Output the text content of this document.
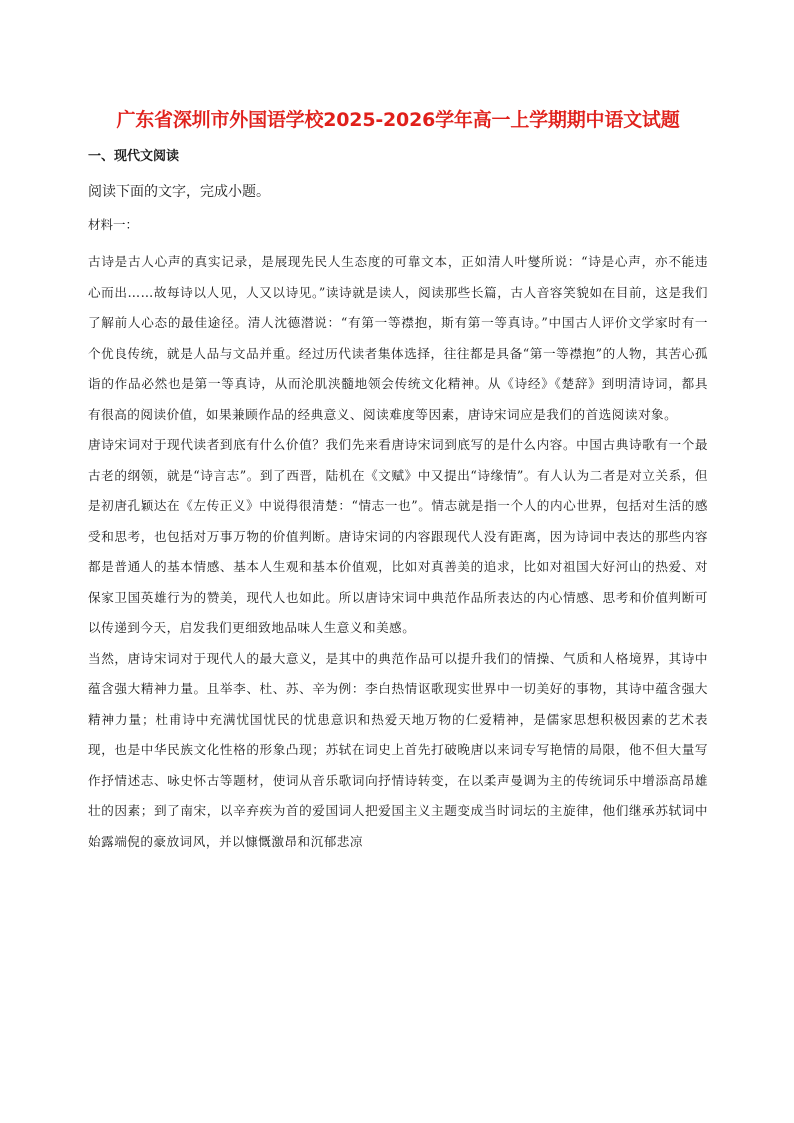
广东省深圳市外国语学校2025-2026学年高一上学期期中语文试题
一、现代文阅读
阅读下面的文字，完成小题。
材料一：

古诗是古人心声的真实记录，是展现先民人生态度的可靠文本，正如清人叶燮所说：“诗是心声，亦不能违心而出……故每诗以人见，人又以诗见。”读诗就是读人，阅读那些长篇，古人音容笑貌如在目前，这是我们了解前人心态的最佳途径。清人沈德潜说：“有第一等襟抱，斯有第一等真诗。”中国古人评价文学家时有一个优良传统，就是人品与文品并重。经过历代读者集体选择，往往都是具备“第一等襟抱”的人物，其苦心孤诣的作品必然也是第一等真诗，从而沦肌浃髓地领会传统文化精神。从《诗经》《楚辞》到明清诗词，都具有很高的阅读价值，如果兼顾作品的经典意义、阅读难度等因素，唐诗宋词应是我们的首选阅读对象。

唐诗宋词对于现代读者到底有什么价值？我们先来看唐诗宋词到底写的是什么内容。中国古典诗歌有一个最古老的纲领，就是“诗言志”。到了西晋，陆机在《文赋》中又提出“诗缘情”。有人认为二者是对立关系，但是初唐孔颖达在《左传正义》中说得很清楚：“情志一也”。情志就是指一个人的内心世界，包括对生活的感受和思考，也包括对万事万物的价值判断。唐诗宋词的内容跟现代人没有距离，因为诗词中表达的那些内容都是普通人的基本情感、基本人生观和基本价值观，比如对真善美的追求，比如对祖国大好河山的热爱、对保家卫国英雄行为的赞美，现代人也如此。所以唐诗宋词中典范作品所表达的内心情感、思考和价值判断可以传递到今天，启发我们更细致地品味人生意义和美感。

当然，唐诗宋词对于现代人的最大意义，是其中的典范作品可以提升我们的情操、气质和人格境界，其诗中蕴含强大精神力量。且举李、杜、苏、辛为例：李白热情讴歌现实世界中一切美好的事物，其诗中蕴含强大精神力量；杜甫诗中充满忧国忧民的忧患意识和热爱天地万物的仁爱精神，是儒家思想积极因素的艺术表现，也是中华民族文化性格的形象凸现；苏轼在词史上首先打破晚唐以来词专写艳情的局限，他不但大量写作抒情述志、咏史怀古等题材，使词从音乐歌词向抒情诗转变，在以柔声曼调为主的传统词乐中增添高昂雄壮的因素；到了南宋，以辛弃疾为首的爱国词人把爱国主义主题变成当时词坛的主旋律，他们继承苏轼词中始露端倪的豪放词风，并以慷慨激昂和沉郁悲凉
